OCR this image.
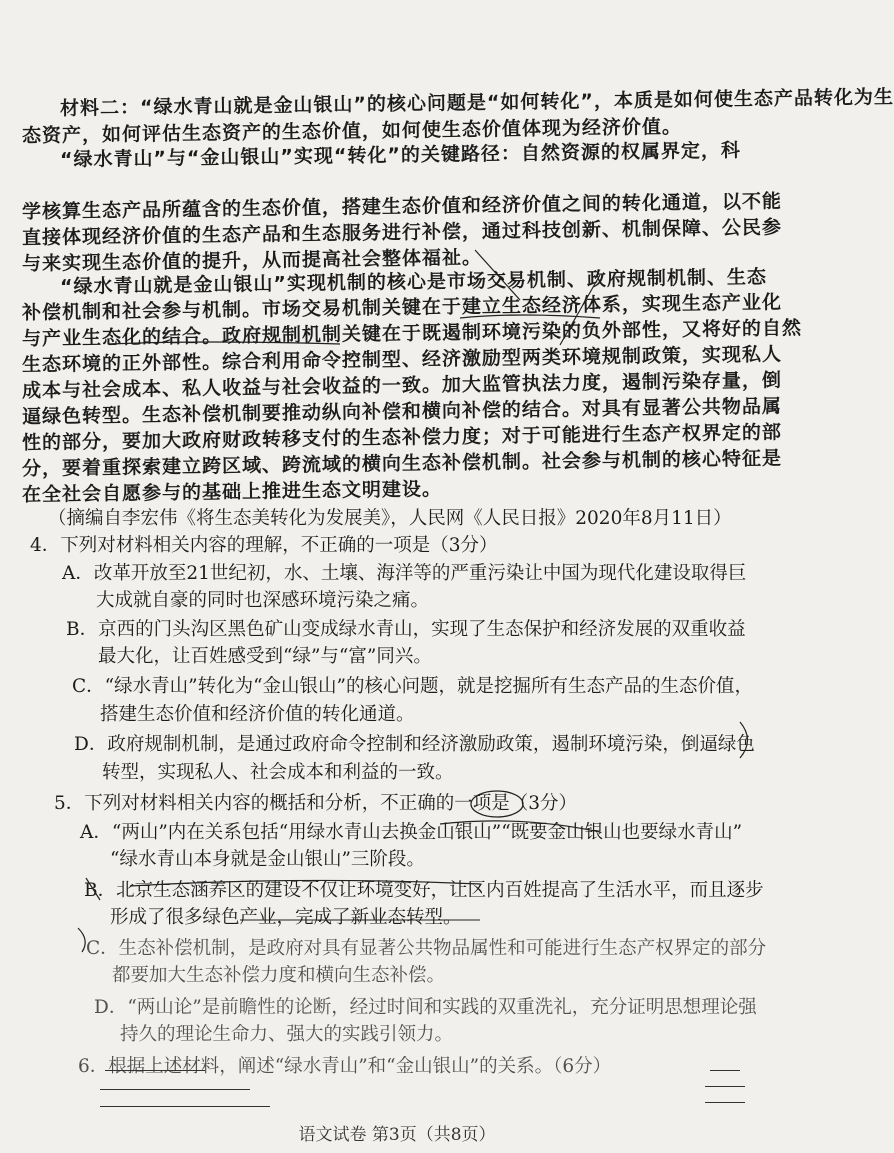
材料二：“绿水青山就是金山银山”的核心问题是“如何转化”，本质是如何使生态产品转化为生
态资产，如何评估生态资产的生态价值，如何使生态价值体现为经济价值。
“绿水青山”与“金山银山”实现“转化”的关键路径：自然资源的权属界定，科
学核算生态产品所蕴含的生态价值，搭建生态价值和经济价值之间的转化通道，以不能
直接体现经济价值的生态产品和生态服务进行补偿，通过科技创新、机制保障、公民参
与来实现生态价值的提升，从而提高社会整体福祉。
“绿水青山就是金山银山”实现机制的核心是市场交易机制、政府规制机制、生态
补偿机制和社会参与机制。市场交易机制关键在于建立生态经济体系，实现生态产业化
与产业生态化的结合。政府规制机制关键在于既遏制环境污染的负外部性，又将好的自然
生态环境的正外部性。综合利用命令控制型、经济激励型两类环境规制政策，实现私人
成本与社会成本、私人收益与社会收益的一致。加大监管执法力度，遏制污染存量，倒
逼绿色转型。生态补偿机制要推动纵向补偿和横向补偿的结合。对具有显著公共物品属
性的部分，要加大政府财政转移支付的生态补偿力度；对于可能进行生态产权界定的部
分，要着重探索建立跨区域、跨流域的横向生态补偿机制。社会参与机制的核心特征是
在全社会自愿参与的基础上推进生态文明建设。
（摘编自李宏伟《将生态美转化为发展美》，人民网《人民日报》2020年8月11日）
4．下列对材料相关内容的理解，不正确的一项是（3分）
A．改革开放至21世纪初，水、土壤、海洋等的严重污染让中国为现代化建设取得巨
大成就自豪的同时也深感环境污染之痛。
B．京西的门头沟区黑色矿山变成绿水青山，实现了生态保护和经济发展的双重收益
最大化，让百姓感受到“绿”与“富”同兴。
C．“绿水青山”转化为“金山银山”的核心问题，就是挖掘所有生态产品的生态价值，
搭建生态价值和经济价值的转化通道。
D．政府规制机制，是通过政府命令控制和经济激励政策，遏制环境污染，倒逼绿色
转型，实现私人、社会成本和利益的一致。
5．下列对材料相关内容的概括和分析，不正确的一项是（3分）
A．“两山”内在关系包括“用绿水青山去换金山银山”“既要金山银山也要绿水青山”
“绿水青山本身就是金山银山”三阶段。
B．北京生态涵养区的建设不仅让环境变好，让区内百姓提高了生活水平，而且逐步
形成了很多绿色产业，完成了新业态转型。
C．生态补偿机制，是政府对具有显著公共物品属性和可能进行生态产权界定的部分
都要加大生态补偿力度和横向生态补偿。
D．“两山论”是前瞻性的论断，经过时间和实践的双重洗礼，充分证明思想理论强
持久的理论生命力、强大的实践引领力。
6．根据上述材料，阐述“绿水青山”和“金山银山”的关系。（6分）
语文试卷 第3页（共8页）
